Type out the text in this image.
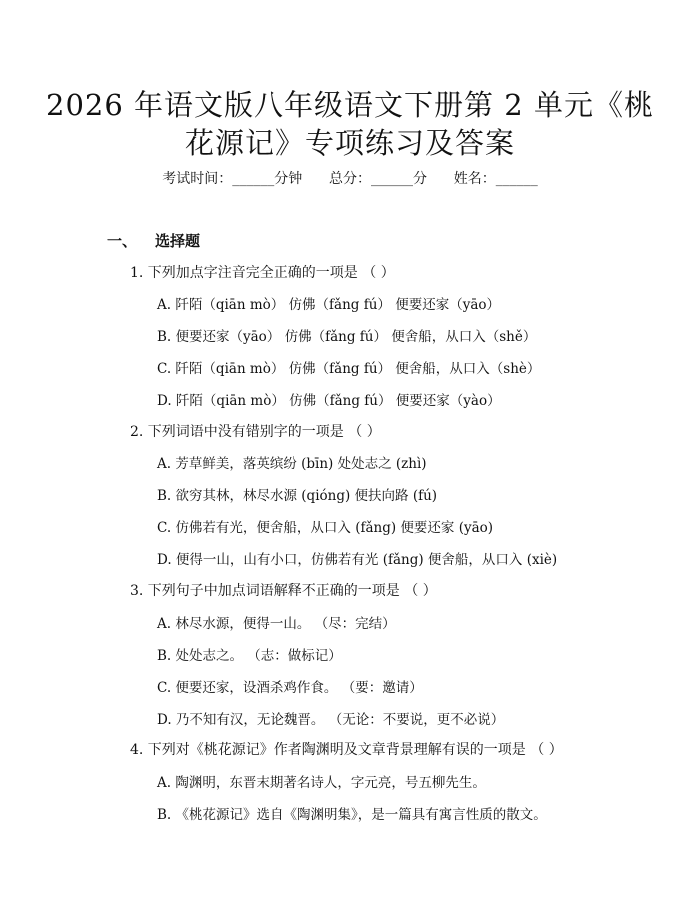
2026 年语文版八年级语文下册第 2 单元《桃
花源记》专项练习及答案
考试时间：______分钟      总分：______分      姓名：______
一、 选择题
1. 下列加点字注音完全正确的一项是 （ ）
A. 阡陌（qiān mò） 仿佛（fǎng fú） 便要还家（yāo）
B. 便要还家（yāo） 仿佛（fǎng fú） 便舍船，从口入（shě）
C. 阡陌（qiān mò） 仿佛（fǎng fú） 便舍船，从口入（shè）
D. 阡陌（qiān mò） 仿佛（fǎng fú） 便要还家（yào）
2. 下列词语中没有错别字的一项是 （ ）
A. 芳草鲜美，落英缤纷 (bīn) 处处志之 (zhì)
B. 欲穷其林，林尽水源 (qióng) 便扶向路 (fú)
C. 仿佛若有光，便舍船，从口入 (fǎng) 便要还家 (yāo)
D. 便得一山，山有小口，仿佛若有光 (fǎng) 便舍船，从口入 (xiè)
3. 下列句子中加点词语解释不正确的一项是 （ ）
A. 林尽水源，便得一山。 （尽：完结）
B. 处处志之。 （志：做标记）
C. 便要还家，设酒杀鸡作食。 （要：邀请）
D. 乃不知有汉，无论魏晋。 （无论：不要说，更不必说）
4. 下列对《桃花源记》作者陶渊明及文章背景理解有误的一项是 （ ）
A. 陶渊明，东晋末期著名诗人，字元亮，号五柳先生。
B. 《桃花源记》选自《陶渊明集》，是一篇具有寓言性质的散文。
